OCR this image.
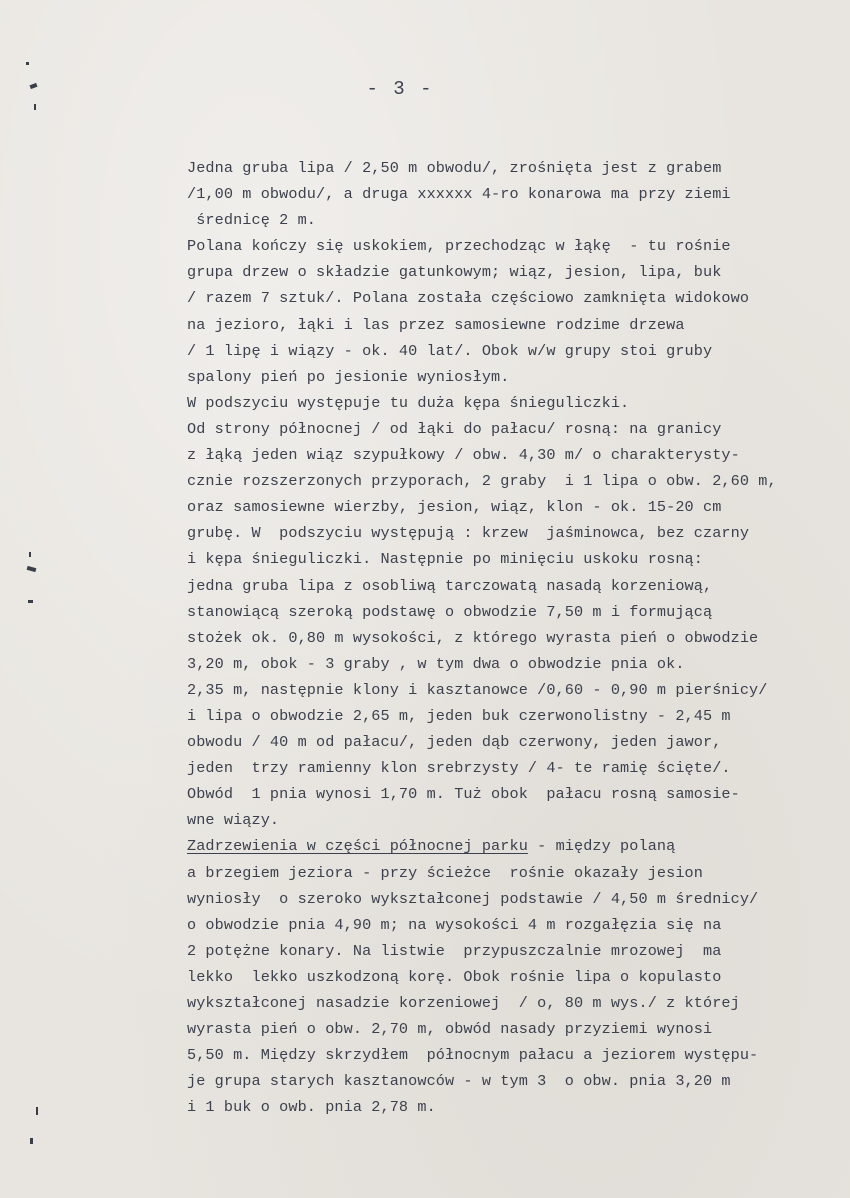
- 3 -
Jedna gruba lipa / 2,50 m obwodu/, zrośnięta jest z grabem
/1,00 m obwodu/, a druga xxxxxx 4-ro konarowa ma przy ziemi
średnicę 2 m.
Polana kończy się uskokiem, przechodząc w łąkę  - tu rośnie
grupa drzew o składzie gatunkowym; wiąz, jesion, lipa, buk
/ razem 7 sztuk/. Polana została częściowo zamknięta widokowo
na jezioro, łąki i las przez samosiewne rodzime drzewa
/ 1 lipę i wiązy - ok. 40 lat/. Obok w/w grupy stoi gruby
spalony pień po jesionie wyniosłym.
W podszyciu występuje tu duża kępa śnieguliczki.
Od strony północnej / od łąki do pałacu/ rosną: na granicy
z łąką jeden wiąz szypułkowy / obw. 4,30 m/ o charakterysty-
cznie rozszerzonych przyporach, 2 graby  i 1 lipa o obw. 2,60 m,
oraz samosiewne wierzby, jesion, wiąz, klon - ok. 15-20 cm
grubę. W  podszyciu występują : krzew  jaśminowca, bez czarny
i kępa śnieguliczki. Następnie po minięciu uskoku rosną:
jedna gruba lipa z osobliwą tarczowatą nasadą korzeniową,
stanowiącą szeroką podstawę o obwodzie 7,50 m i formującą
stożek ok. 0,80 m wysokości, z którego wyrasta pień o obwodzie
3,20 m, obok - 3 graby , w tym dwa o obwodzie pnia ok.
2,35 m, następnie klony i kasztanowce /0,60 - 0,90 m pierśnicy/
i lipa o obwodzie 2,65 m, jeden buk czerwonolistny - 2,45 m
obwodu / 40 m od pałacu/, jeden dąb czerwony, jeden jawor,
jeden  trzy ramienny klon srebrzysty / 4- te ramię ścięte/.
Obwód  1 pnia wynosi 1,70 m. Tuż obok  pałacu rosną samosie-
wne wiązy.
Zadrzewienia w części północnej parku - między polaną
a brzegiem jeziora - przy ścieżce  rośnie okazały jesion
wyniosły  o szeroko wykształconej podstawie / 4,50 m średnicy/
o obwodzie pnia 4,90 m; na wysokości 4 m rozgałęzia się na
2 potężne konary. Na listwie  przypuszczalnie mrozowej  ma
lekko  lekko uszkodzoną korę. Obok rośnie lipa o kopulasto
wykształconej nasadzie korzeniowej  / o, 80 m wys./ z której
wyrasta pień o obw. 2,70 m, obwód nasady przyziemi wynosi
5,50 m. Między skrzydłem  północnym pałacu a jeziorem występu-
je grupa starych kasztanowców - w tym 3  o obw. pnia 3,20 m
i 1 buk o owb. pnia 2,78 m.
